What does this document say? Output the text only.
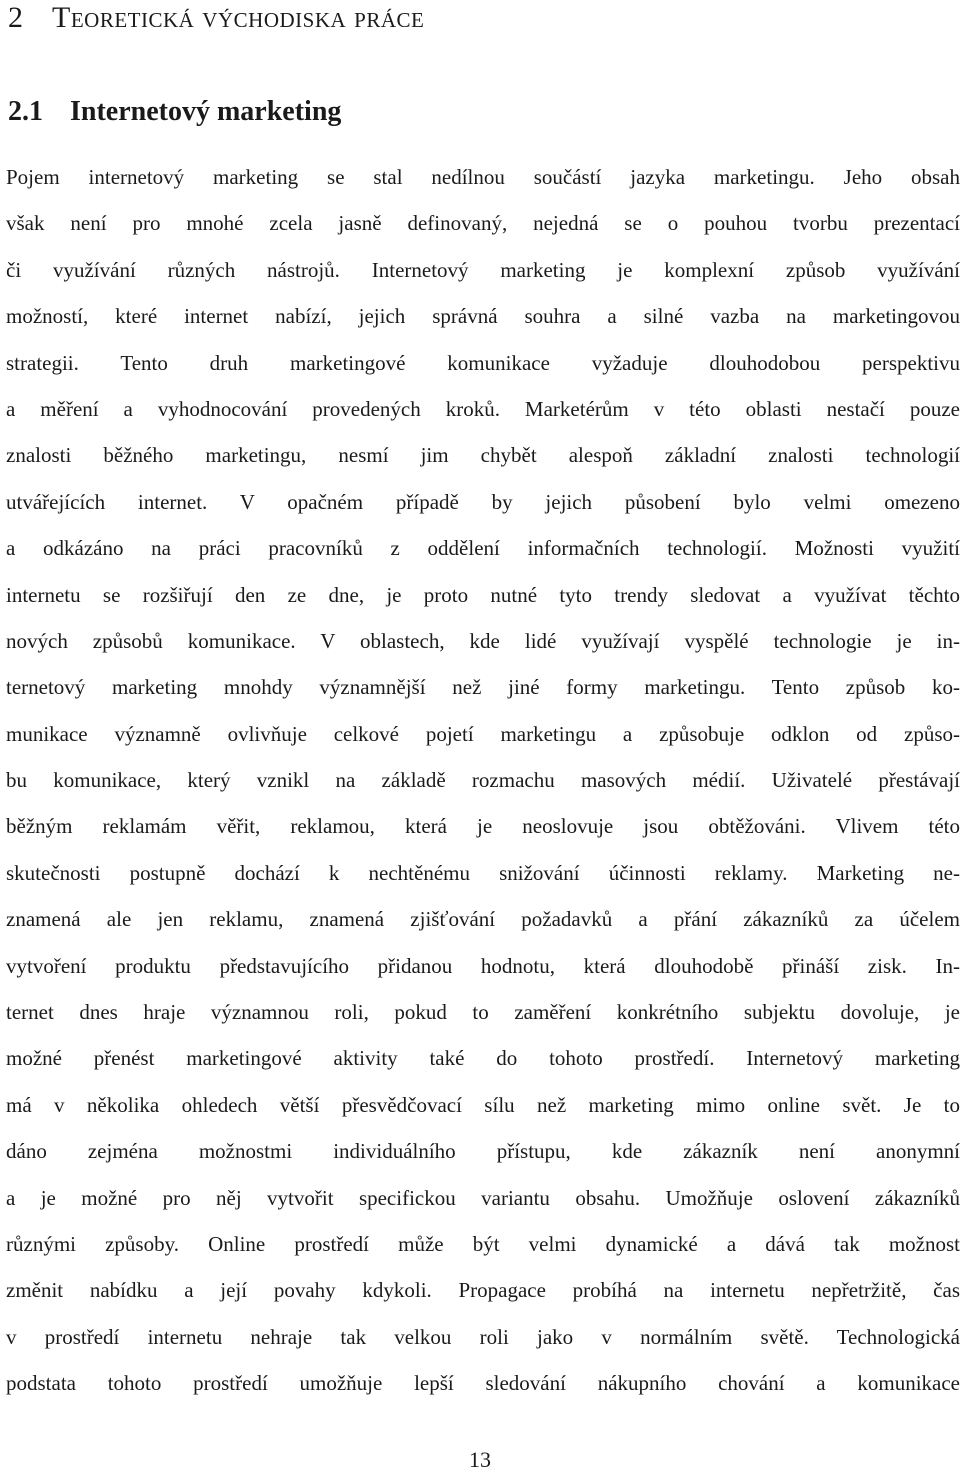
2 Teoretická východiska práce
2.1 Internetový marketing

Pojem internetový marketing se stal nedílnou součástí jazyka marketingu. Jeho obsah
však není pro mnohé zcela jasně definovaný, nejedná se o pouhou tvorbu prezentací
či využívání různých nástrojů. Internetový marketing je komplexní způsob využívání
možností, které internet nabízí, jejich správná souhra a silné vazba na marketingovou
strategii. Tento druh marketingové komunikace vyžaduje dlouhodobou perspektivu
a měření a vyhodnocování provedených kroků. Marketérům v této oblasti nestačí pouze
znalosti běžného marketingu, nesmí jim chybět alespoň základní znalosti technologií
utvářejících internet. V opačném případě by jejich působení bylo velmi omezeno
a odkázáno na práci pracovníků z oddělení informačních technologií. Možnosti využití
internetu se rozšiřují den ze dne, je proto nutné tyto trendy sledovat a využívat těchto
nových způsobů komunikace. V oblastech, kde lidé využívají vyspělé technologie je in-
ternetový marketing mnohdy významnější než jiné formy marketingu. Tento způsob ko-
munikace významně ovlivňuje celkové pojetí marketingu a způsobuje odklon od způso-
bu komunikace, který vznikl na základě rozmachu masových médií. Uživatelé přestávají
běžným reklamám věřit, reklamou, která je neoslovuje jsou obtěžováni. Vlivem této
skutečnosti postupně dochází k nechtěnému snižování účinnosti reklamy. Marketing ne-
znamená ale jen reklamu, znamená zjišťování požadavků a přání zákazníků za účelem
vytvoření produktu představujícího přidanou hodnotu, která dlouhodobě přináší zisk. In-
ternet dnes hraje významnou roli, pokud to zaměření konkrétního subjektu dovoluje, je
možné přenést marketingové aktivity také do tohoto prostředí. Internetový marketing
má v několika ohledech větší přesvědčovací sílu než marketing mimo online svět. Je to
dáno zejména možnostmi individuálního přístupu, kde zákazník není anonymní
a je možné pro něj vytvořit specifickou variantu obsahu. Umožňuje oslovení zákazníků
různými způsoby. Online prostředí může být velmi dynamické a dává tak možnost
změnit nabídku a její povahy kdykoli. Propagace probíhá na internetu nepřetržitě, čas
v prostředí internetu nehraje tak velkou roli jako v normálním světě. Technologická
podstata tohoto prostředí umožňuje lepší sledování nákupního chování a komunikace

13
